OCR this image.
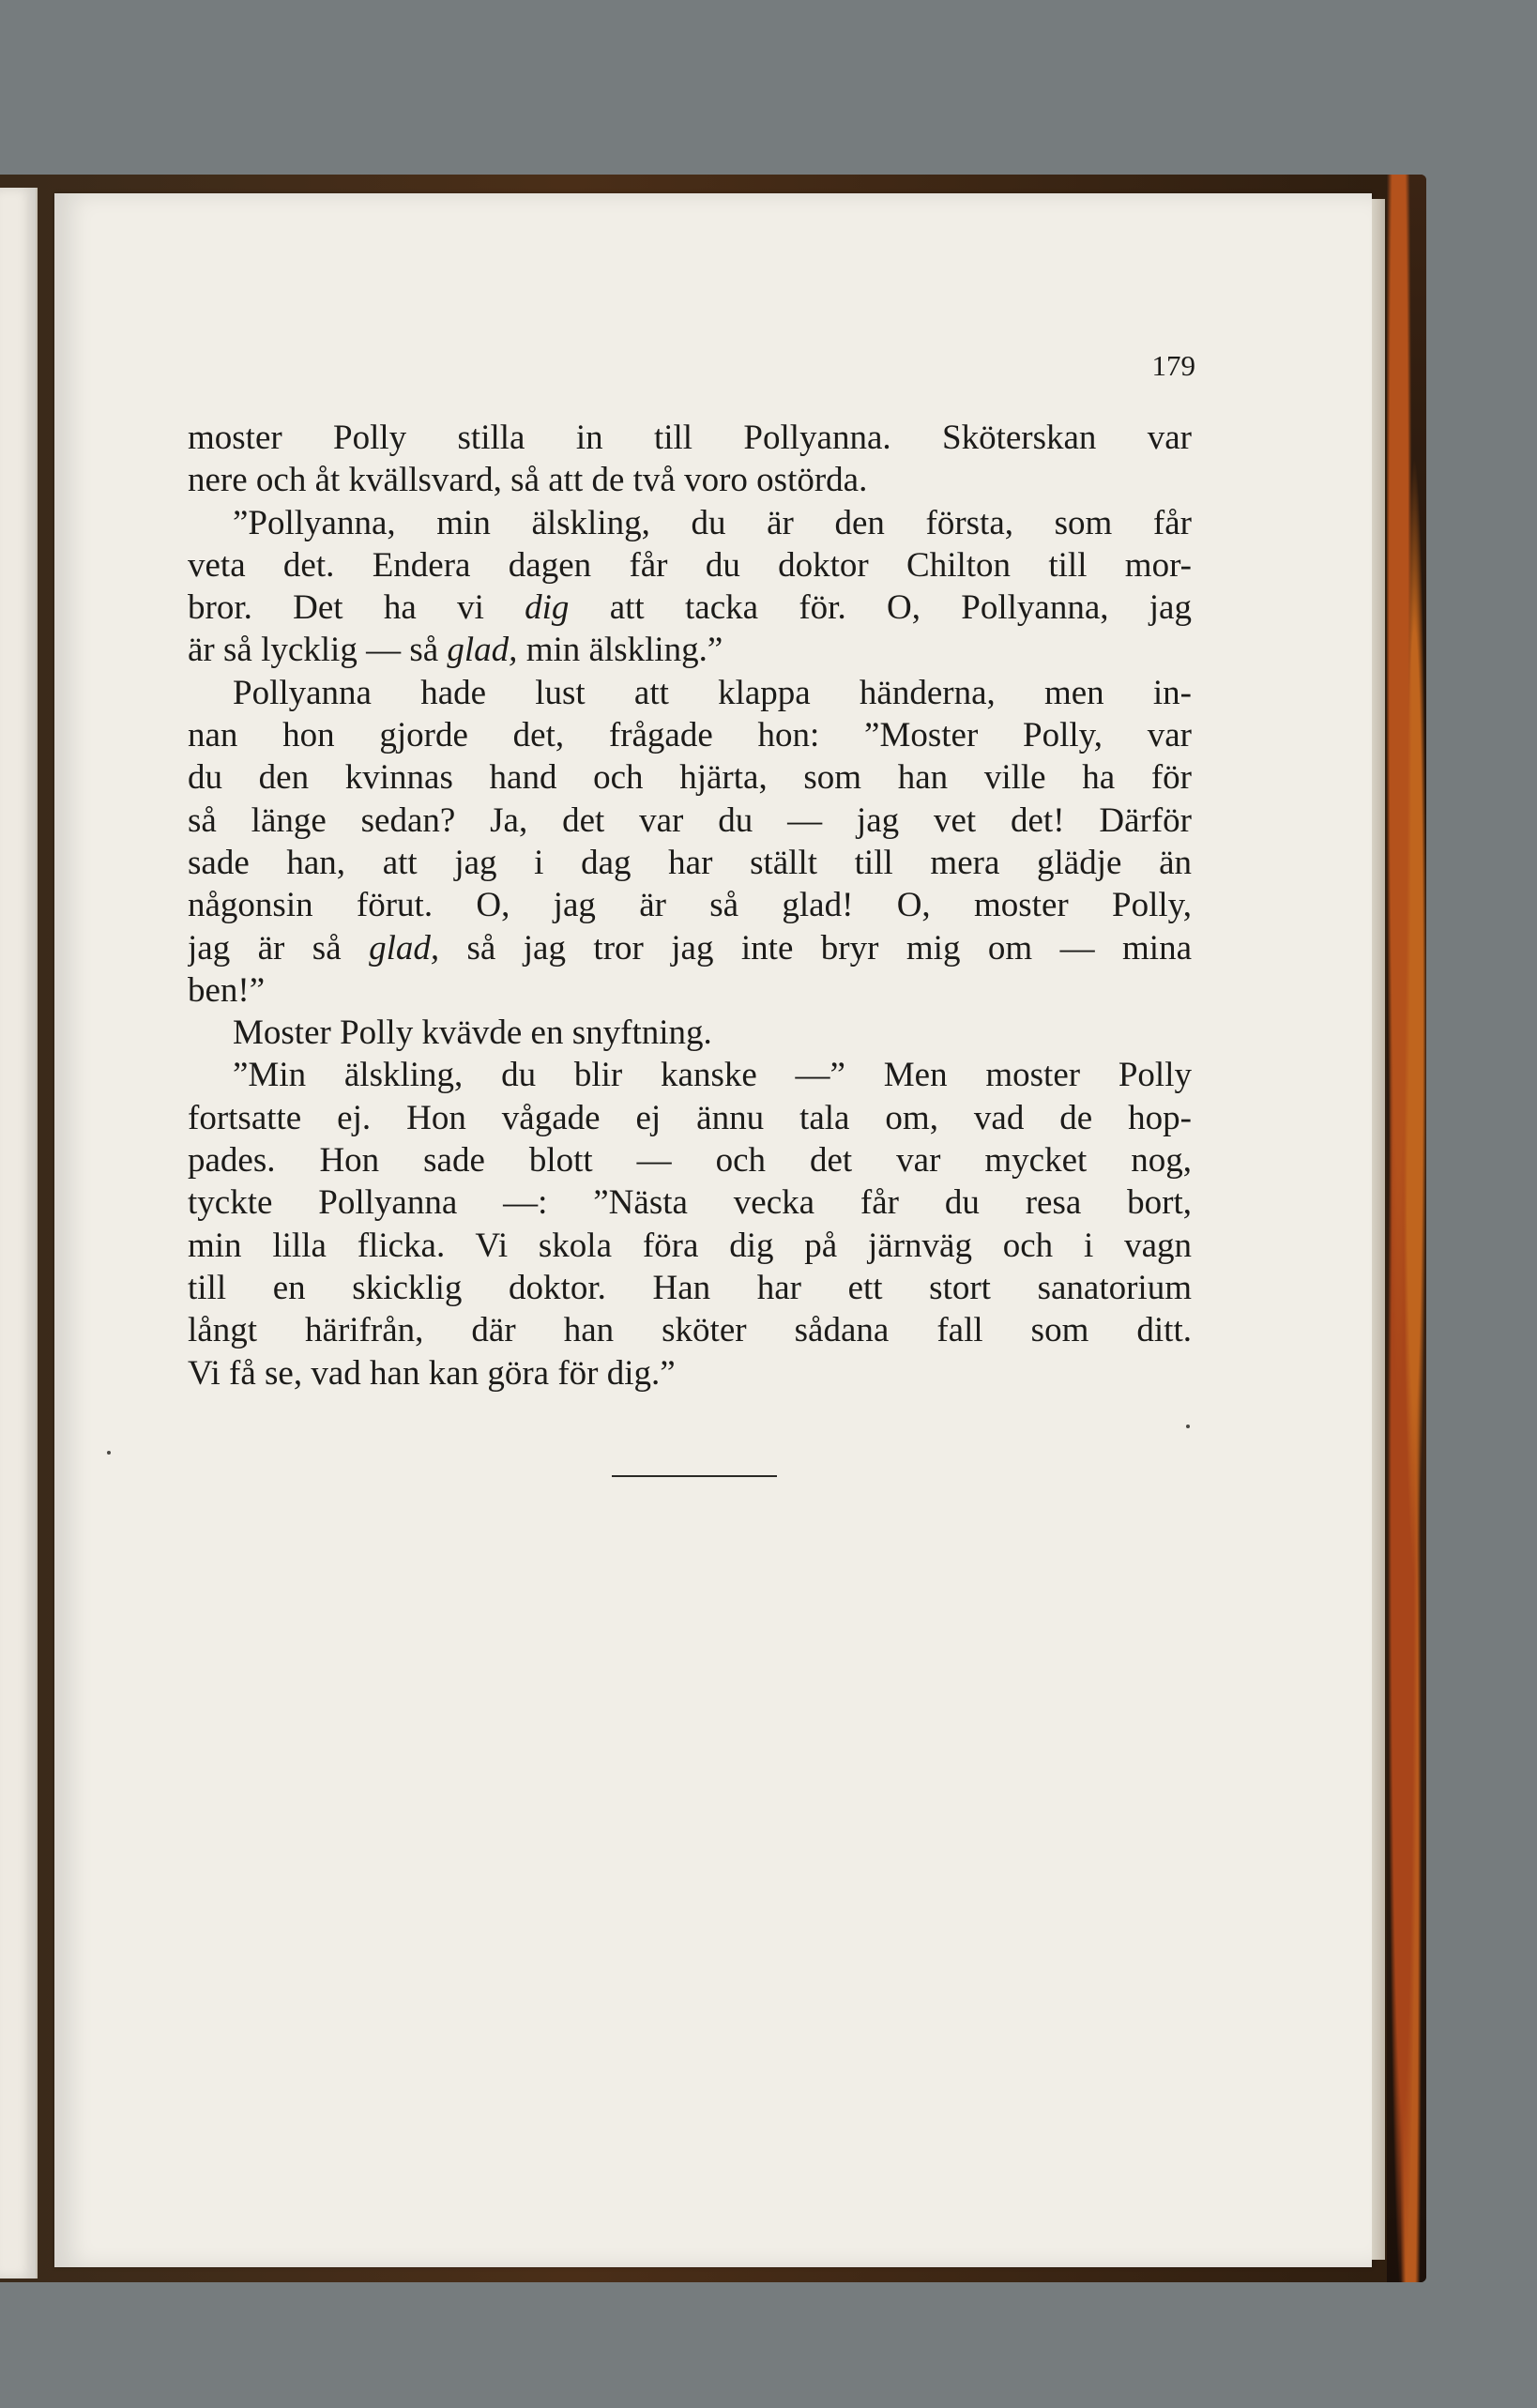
179

moster Polly stilla in till Pollyanna. Sköterskan var
nere och åt kvällsvard, så att de två voro ostörda.
”Pollyanna, min älskling, du är den första, som får
veta det. Endera dagen får du doktor Chilton till mor-
bror. Det ha vi dig att tacka för. O, Pollyanna, jag
är så lycklig — så glad, min älskling.”
Pollyanna hade lust att klappa händerna, men in-
nan hon gjorde det, frågade hon: ”Moster Polly, var
du den kvinnas hand och hjärta, som han ville ha för
så länge sedan? Ja, det var du — jag vet det! Därför
sade han, att jag i dag har ställt till mera glädje än
någonsin förut. O, jag är så glad! O, moster Polly,
jag är så glad, så jag tror jag inte bryr mig om — mina
ben!”
Moster Polly kvävde en snyftning.
”Min älskling, du blir kanske —” Men moster Polly
fortsatte ej. Hon vågade ej ännu tala om, vad de hop-
pades. Hon sade blott — och det var mycket nog,
tyckte Pollyanna —: ”Nästa vecka får du resa bort,
min lilla flicka. Vi skola föra dig på järnväg och i vagn
till en skicklig doktor. Han har ett stort sanatorium
långt härifrån, där han sköter sådana fall som ditt.
Vi få se, vad han kan göra för dig.”
